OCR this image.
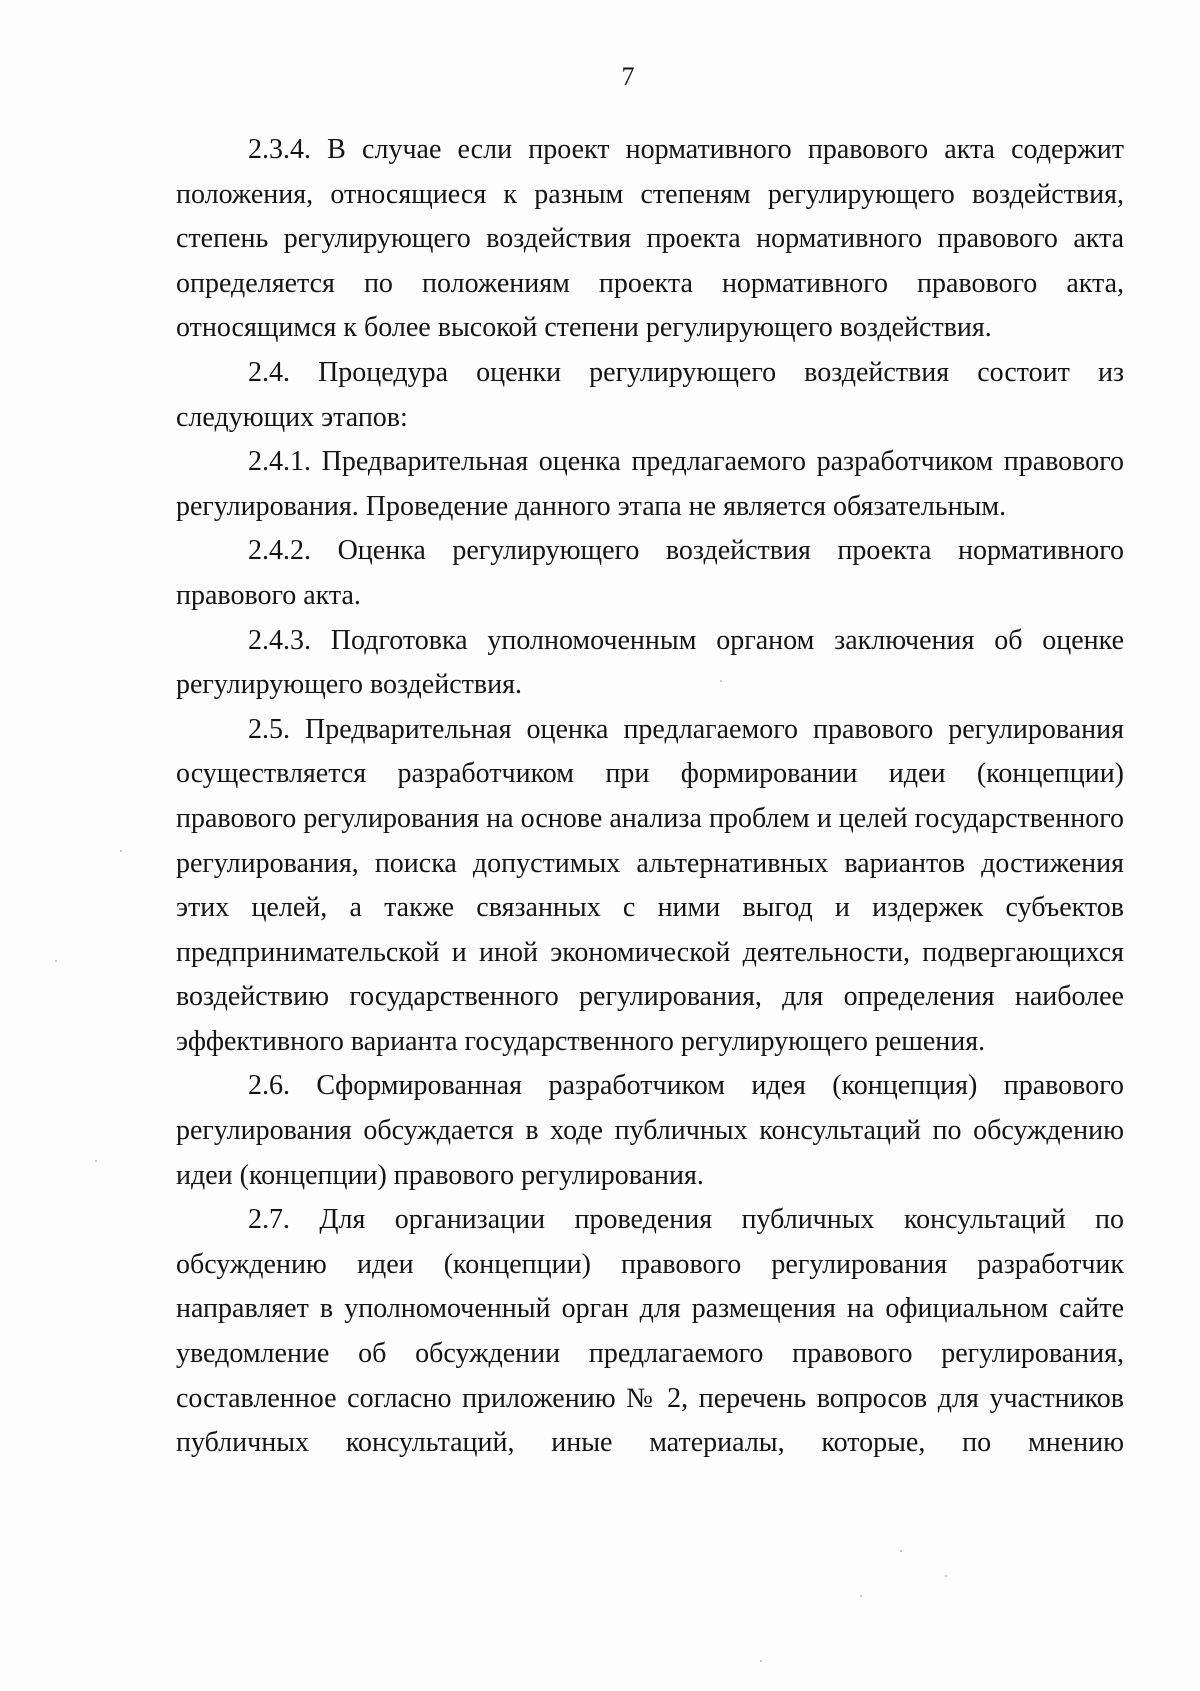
7

2.3.4. В случае если проект нормативного правового акта содержит положения, относящиеся к разным степеням регулирующего воздействия, степень регулирующего воздействия проекта нормативного правового акта определяется по положениям проекта нормативного правового акта, относящимся к более высокой степени регулирующего воздействия.

2.4. Процедура оценки регулирующего воздействия состоит из следующих этапов:

2.4.1. Предварительная оценка предлагаемого разработчиком правового регулирования. Проведение данного этапа не является обязательным.

2.4.2. Оценка регулирующего воздействия проекта нормативного правового акта.

2.4.3. Подготовка уполномоченным органом заключения об оценке регулирующего воздействия.

2.5. Предварительная оценка предлагаемого правового регулирования осуществляется разработчиком при формировании идеи (концепции) правового регулирования на основе анализа проблем и целей государственного регулирования, поиска допустимых альтернативных вариантов достижения этих целей, а также связанных с ними выгод и издержек субъектов предпринимательской и иной экономической деятельности, подвергающихся воздействию государственного регулирования, для определения наиболее эффективного варианта государственного регулирующего решения.

2.6. Сформированная разработчиком идея (концепция) правового регулирования обсуждается в ходе публичных консультаций по обсуждению идеи (концепции) правового регулирования.

2.7. Для организации проведения публичных консультаций по обсуждению идеи (концепции) правового регулирования разработчик направляет в уполномоченный орган для размещения на официальном сайте уведомление об обсуждении предлагаемого правового регулирования, составленное согласно приложению № 2, перечень вопросов для участников публичных консультаций, иные материалы, которые, по мнению
